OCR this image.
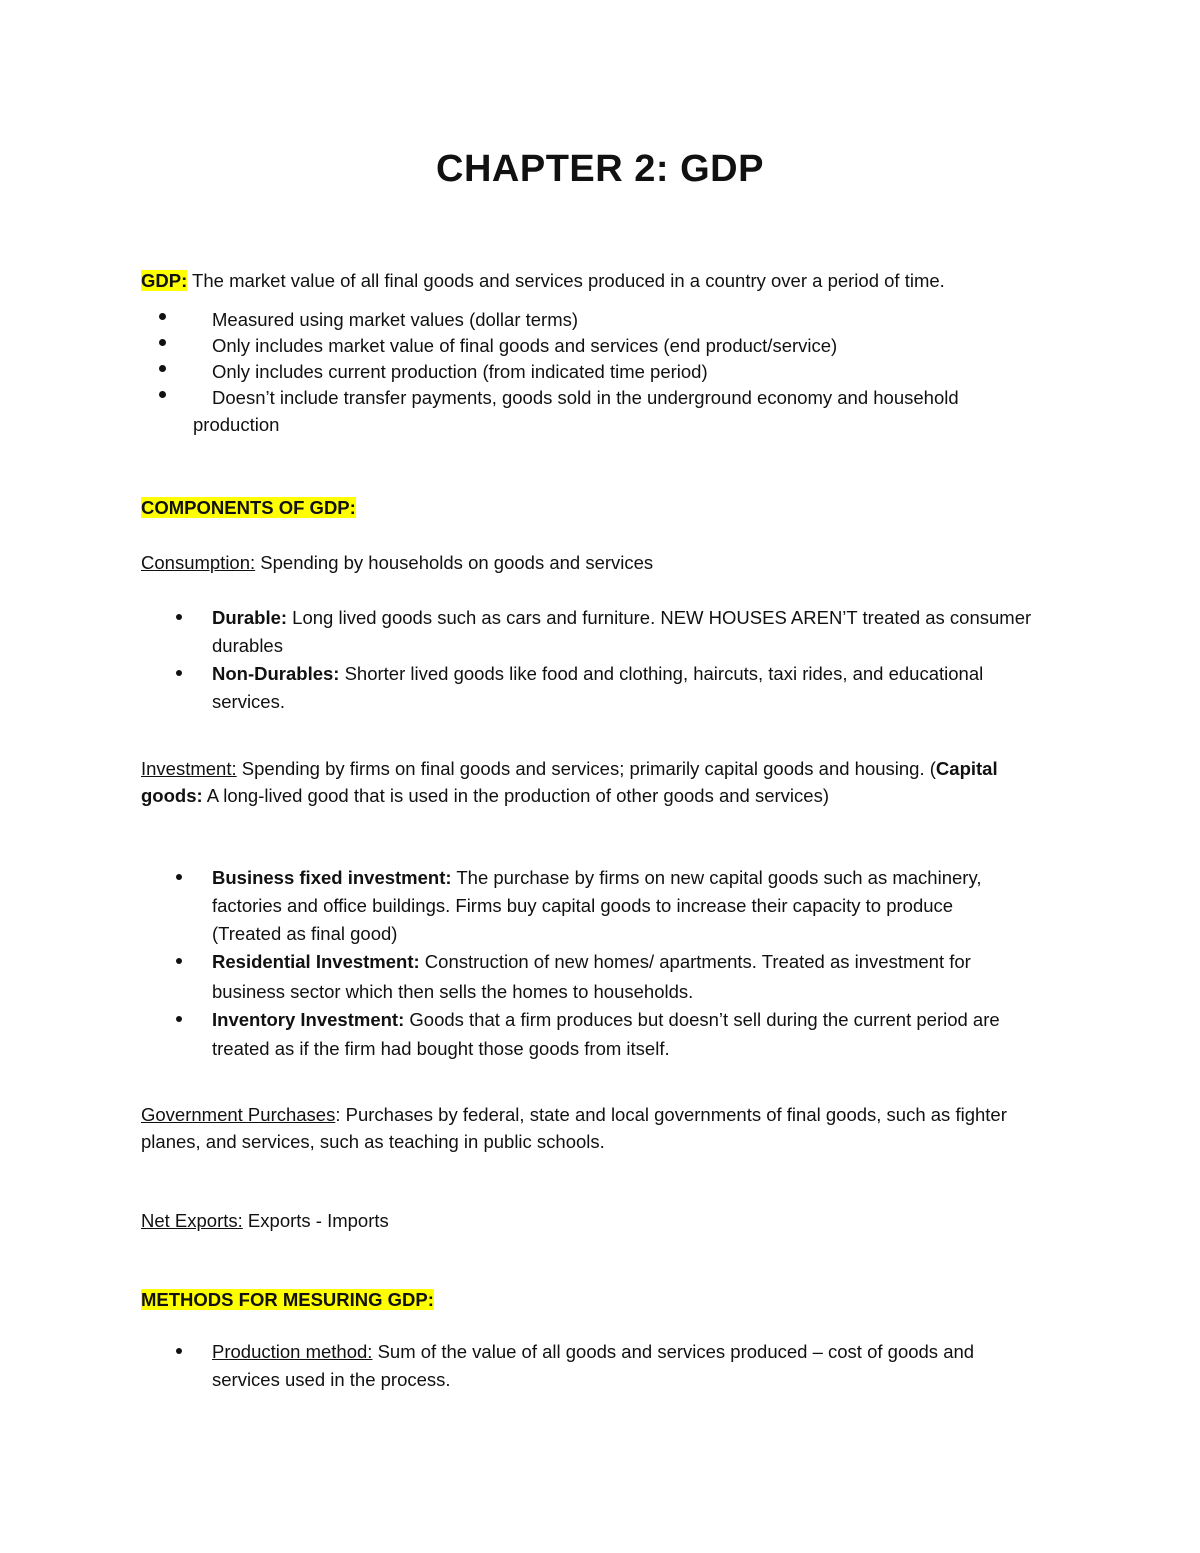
CHAPTER 2: GDP
GDP: The market value of all final goods and services produced in a country over a period of time.
Measured using market values (dollar terms)
Only includes market value of final goods and services (end product/service)
Only includes current production (from indicated time period)
Doesn’t include transfer payments, goods sold in the underground economy and household
production
COMPONENTS OF GDP:
Consumption: Spending by households on goods and services
Durable: Long lived goods such as cars and furniture. NEW HOUSES AREN’T treated as consumer
durables
Non-Durables: Shorter lived goods like food and clothing, haircuts, taxi rides, and educational
services.
Investment: Spending by firms on final goods and services; primarily capital goods and housing. (Capital
goods: A long-lived good that is used in the production of other goods and services)
Business fixed investment: The purchase by firms on new capital goods such as machinery,
factories and office buildings. Firms buy capital goods to increase their capacity to produce
(Treated as final good)
Residential Investment: Construction of new homes/ apartments. Treated as investment for
business sector which then sells the homes to households.
Inventory Investment: Goods that a firm produces but doesn’t sell during the current period are
treated as if the firm had bought those goods from itself.
Government Purchases: Purchases by federal, state and local governments of final goods, such as fighter
planes, and services, such as teaching in public schools.
Net Exports: Exports - Imports
METHODS FOR MESURING GDP:
Production method: Sum of the value of all goods and services produced – cost of goods and
services used in the process.
